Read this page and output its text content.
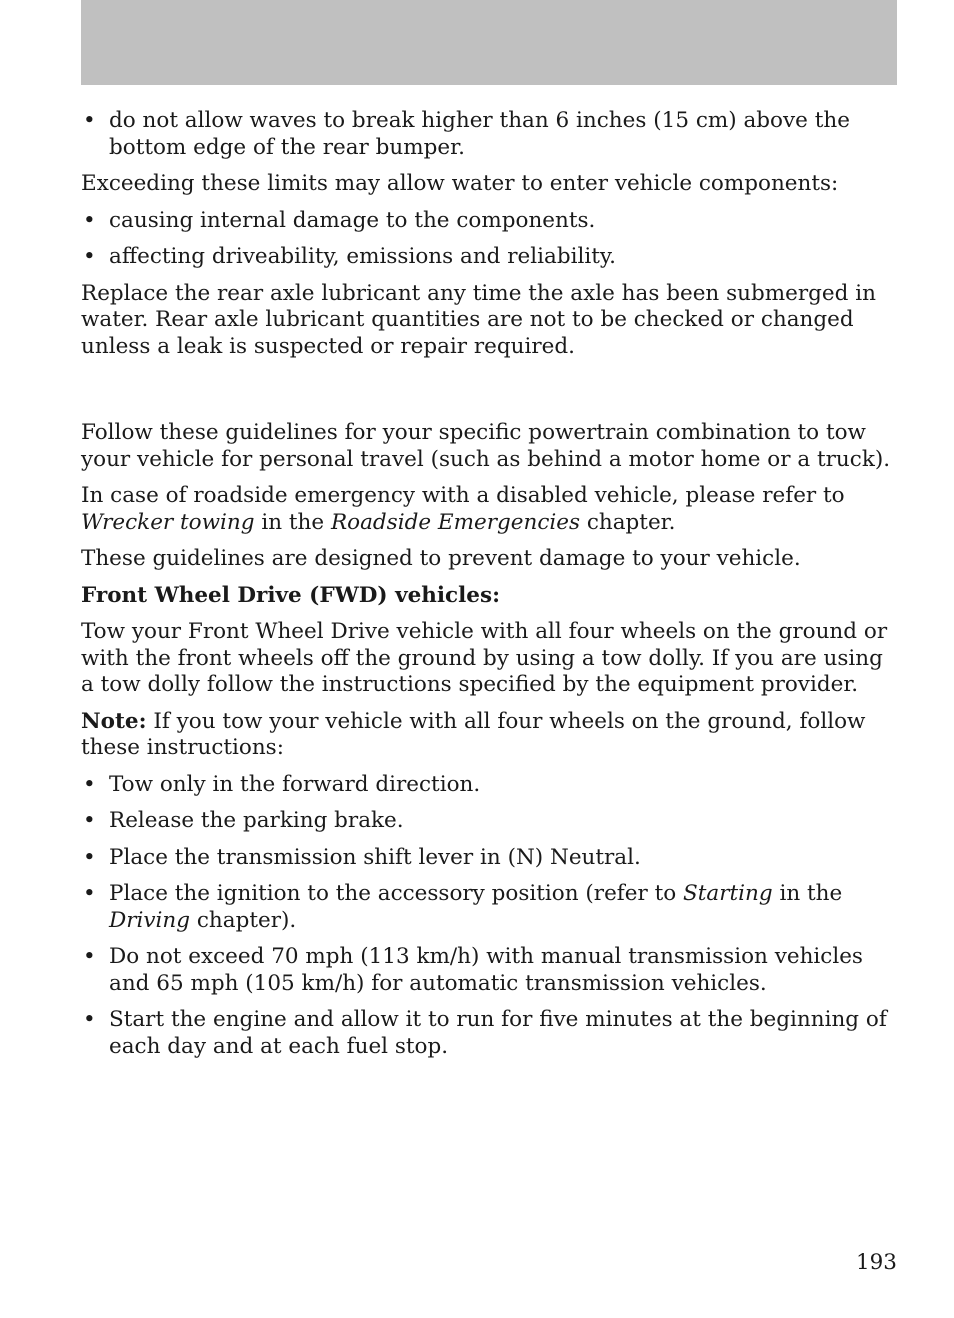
• do not allow waves to break higher than 6 inches (15 cm) above the bottom edge of the rear bumper.

Exceeding these limits may allow water to enter vehicle components:

• causing internal damage to the components.
• affecting driveability, emissions and reliability.

Replace the rear axle lubricant any time the axle has been submerged in water. Rear axle lubricant quantities are not to be checked or changed unless a leak is suspected or repair required.

Follow these guidelines for your specific powertrain combination to tow your vehicle for personal travel (such as behind a motor home or a truck).

In case of roadside emergency with a disabled vehicle, please refer to Wrecker towing in the Roadside Emergencies chapter.

These guidelines are designed to prevent damage to your vehicle.

Front Wheel Drive (FWD) vehicles:

Tow your Front Wheel Drive vehicle with all four wheels on the ground or with the front wheels off the ground by using a tow dolly. If you are using a tow dolly follow the instructions specified by the equipment provider.

Note: If you tow your vehicle with all four wheels on the ground, follow these instructions:

• Tow only in the forward direction.
• Release the parking brake.
• Place the transmission shift lever in (N) Neutral.
• Place the ignition to the accessory position (refer to Starting in the Driving chapter).
• Do not exceed 70 mph (113 km/h) with manual transmission vehicles and 65 mph (105 km/h) for automatic transmission vehicles.
• Start the engine and allow it to run for five minutes at the beginning of each day and at each fuel stop.
193
